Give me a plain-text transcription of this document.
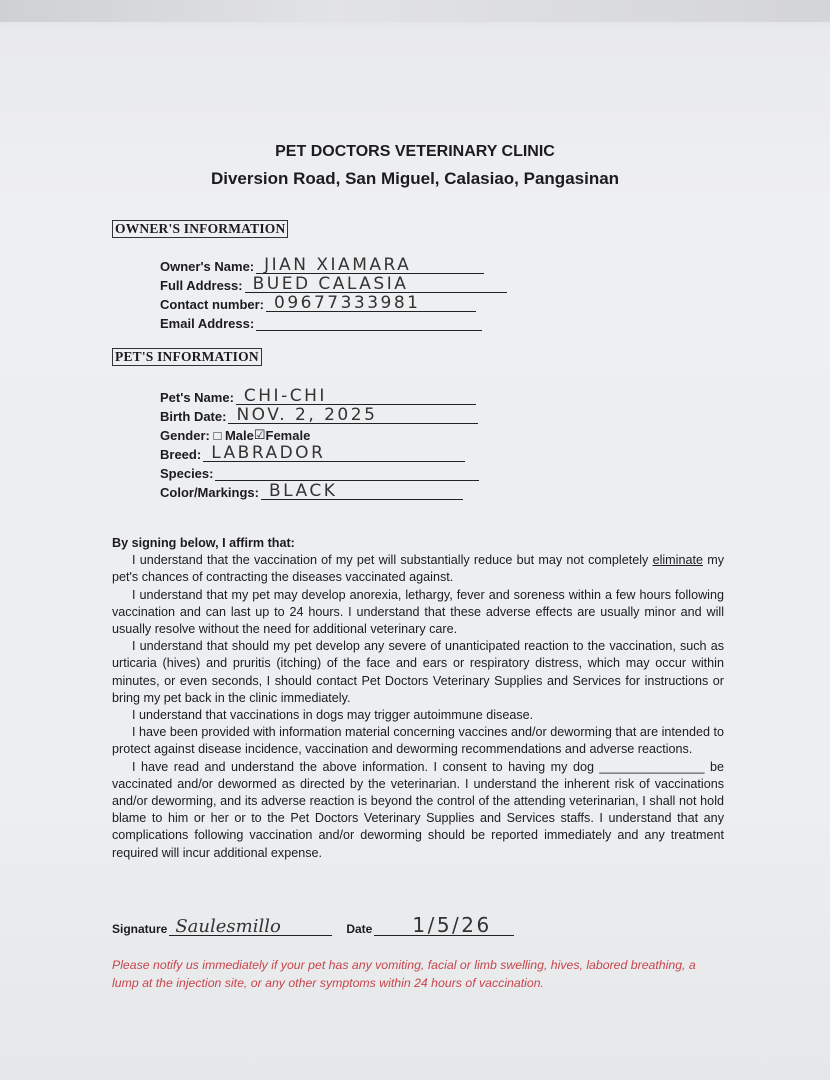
PET DOCTORS VETERINARY CLINIC
Diversion Road, San Miguel, Calasiao, Pangasinan
OWNER'S INFORMATION
Owner's Name: JIAN XIAMARA
Full Address: BUED CALASIA
Contact number: 09677333981
Email Address:
PET'S INFORMATION
Pet's Name: CHI-CHI
Birth Date: NOV. 2, 2025
Gender:
□
Male ☑ Female
Breed: LABRADOR
Species:
Color/Markings: BLACK

By signing below, I affirm that:

I understand that the vaccination of my pet will substantially reduce but may not completely eliminate my pet's chances of contracting the diseases vaccinated against.

I understand that my pet may develop anorexia, lethargy, fever and soreness within a few hours following vaccination and can last up to 24 hours. I understand that these adverse effects are usually minor and will usually resolve without the need for additional veterinary care.

I understand that should my pet develop any severe of unanticipated reaction to the vaccination, such as urticaria (hives) and pruritis (itching) of the face and ears or respiratory distress, which may occur within minutes, or even seconds, I should contact Pet Doctors Veterinary Supplies and Services for instructions or bring my pet back in the clinic immediately.

I understand that vaccinations in dogs may trigger autoimmune disease.

I have been provided with information material concerning vaccines and/or deworming that are intended to protect against disease incidence, vaccination and deworming recommendations and adverse reactions.

I have read and understand the above information. I consent to having my dog _______________ be vaccinated and/or dewormed as directed by the veterinarian. I understand the inherent risk of vaccinations and/or deworming, and its adverse reaction is beyond the control of the attending veterinarian, I shall not hold blame to him or her or to the Pet Doctors Veterinary Supplies and Services staffs. I understand that any complications following vaccination and/or deworming should be reported immediately and any treatment required will incur additional expense.

Signature Saulesmillo	Date 1/5/26
Please notify us immediately if your pet has any vomiting, facial or limb swelling, hives, labored breathing, a lump at the injection site, or any other symptoms within 24 hours of vaccination.
